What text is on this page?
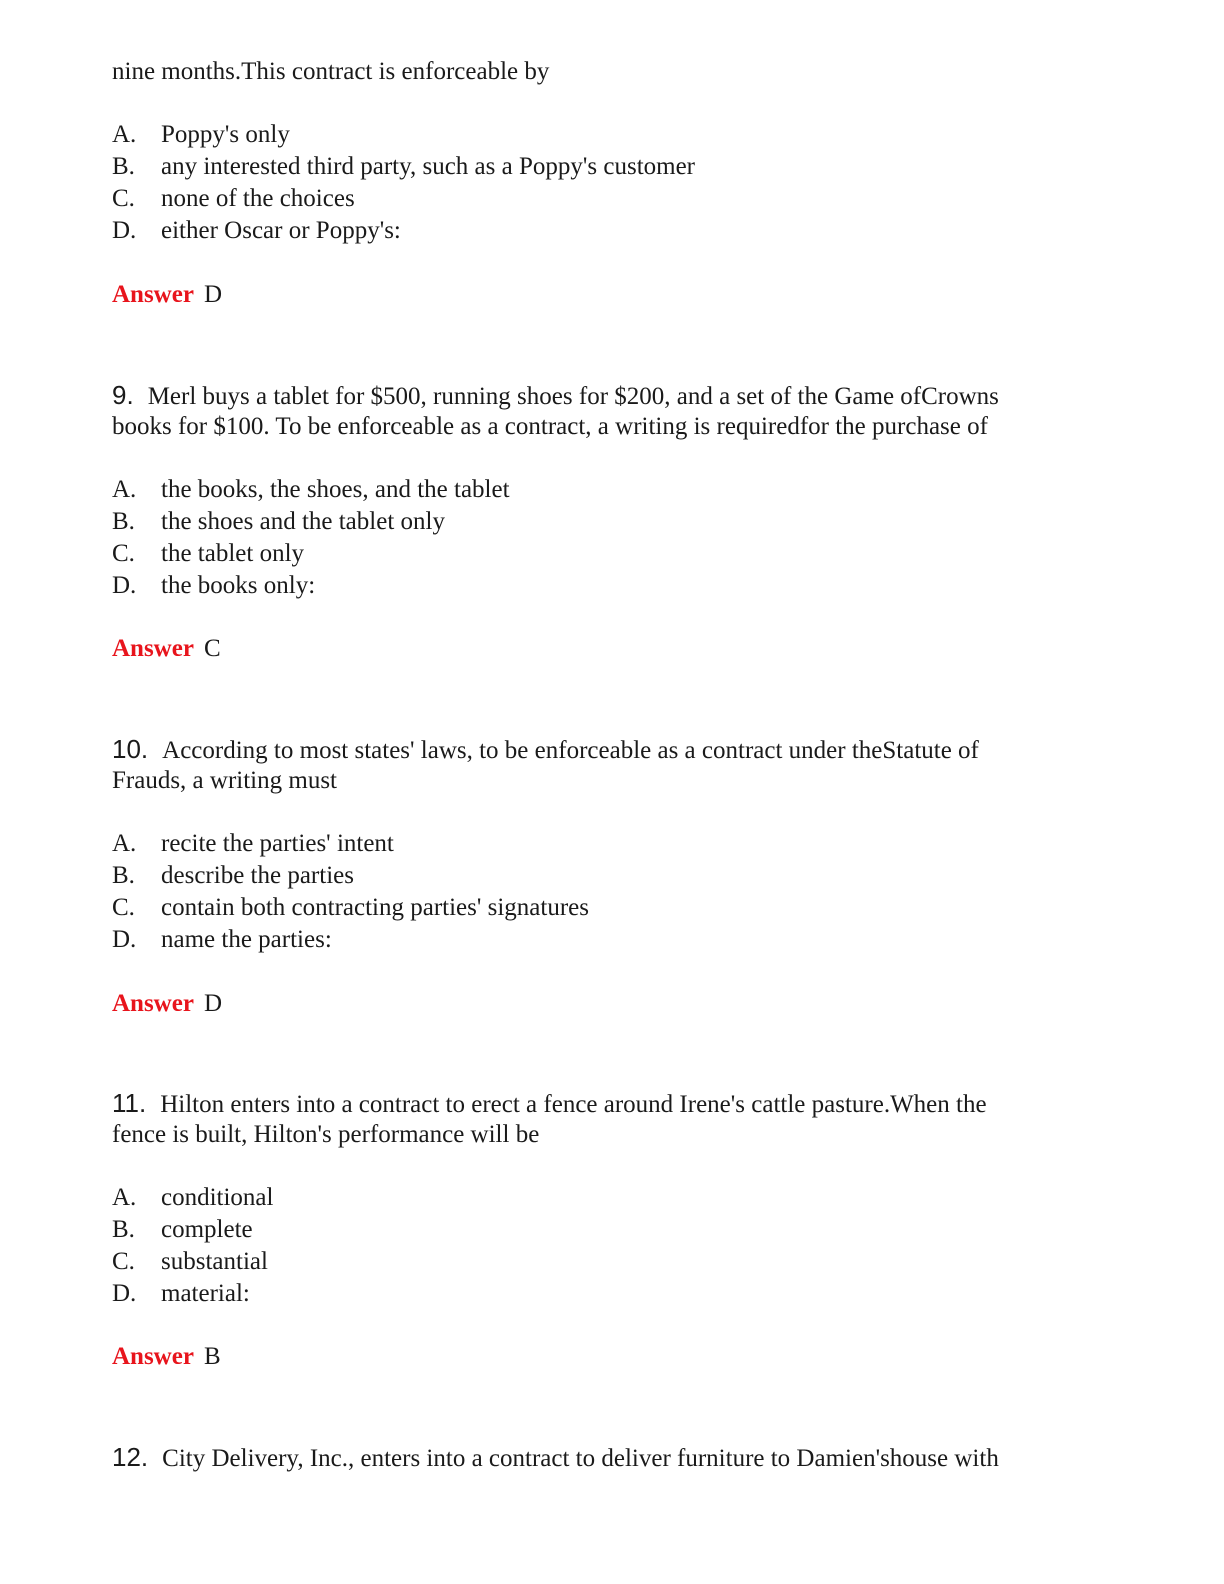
nine months.This contract is enforceable by
A. Poppy's only
B. any interested third party, such as a Poppy's customer
C. none of the choices
D. either Oscar or Poppy's:
Answer D
9. Merl buys a tablet for $500, running shoes for $200, and a set of the Game ofCrowns
books for $100. To be enforceable as a contract, a writing is requiredfor the purchase of
A. the books, the shoes, and the tablet
B. the shoes and the tablet only
C. the tablet only
D. the books only:
Answer C
10. According to most states' laws, to be enforceable as a contract under theStatute of
Frauds, a writing must
A. recite the parties' intent
B. describe the parties
C. contain both contracting parties' signatures
D. name the parties:
Answer D
11. Hilton enters into a contract to erect a fence around Irene's cattle pasture.When the
fence is built, Hilton's performance will be
A. conditional
B. complete
C. substantial
D. material:
Answer B
12. City Delivery, Inc., enters into a contract to deliver furniture to Damien'shouse with
